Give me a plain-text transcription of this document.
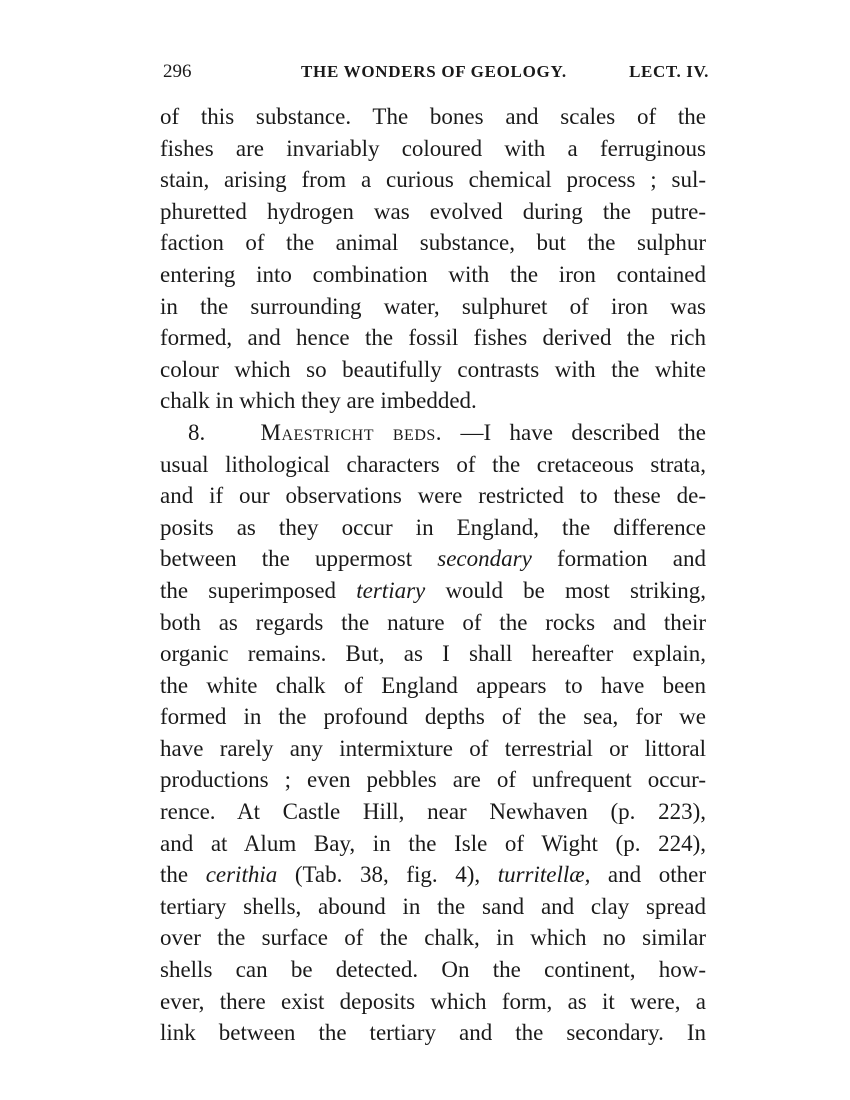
296	THE WONDERS OF GEOLOGY.	LECT. IV.
of this substance. The bones and scales of the
fishes are invariably coloured with a ferruginous
stain, arising from a curious chemical process ; sul-
phuretted hydrogen was evolved during the putre-
faction of the animal substance, but the sulphur
entering into combination with the iron contained
in the surrounding water, sulphuret of iron was
formed, and hence the fossil fishes derived the rich
colour which so beautifully contrasts with the white
chalk in which they are imbedded.
8. Maestricht beds. —I have described the
usual lithological characters of the cretaceous strata,
and if our observations were restricted to these de-
posits as they occur in England, the difference
between the uppermost secondary formation and
the superimposed tertiary would be most striking,
both as regards the nature of the rocks and their
organic remains. But, as I shall hereafter explain,
the white chalk of England appears to have been
formed in the profound depths of the sea, for we
have rarely any intermixture of terrestrial or littoral
productions ; even pebbles are of unfrequent occur-
rence. At Castle Hill, near Newhaven (p. 223),
and at Alum Bay, in the Isle of Wight (p. 224),
the cerithia (Tab. 38, fig. 4), turritellæ, and other
tertiary shells, abound in the sand and clay spread
over the surface of the chalk, in which no similar
shells can be detected. On the continent, how-
ever, there exist deposits which form, as it were, a
link between the tertiary and the secondary. In
